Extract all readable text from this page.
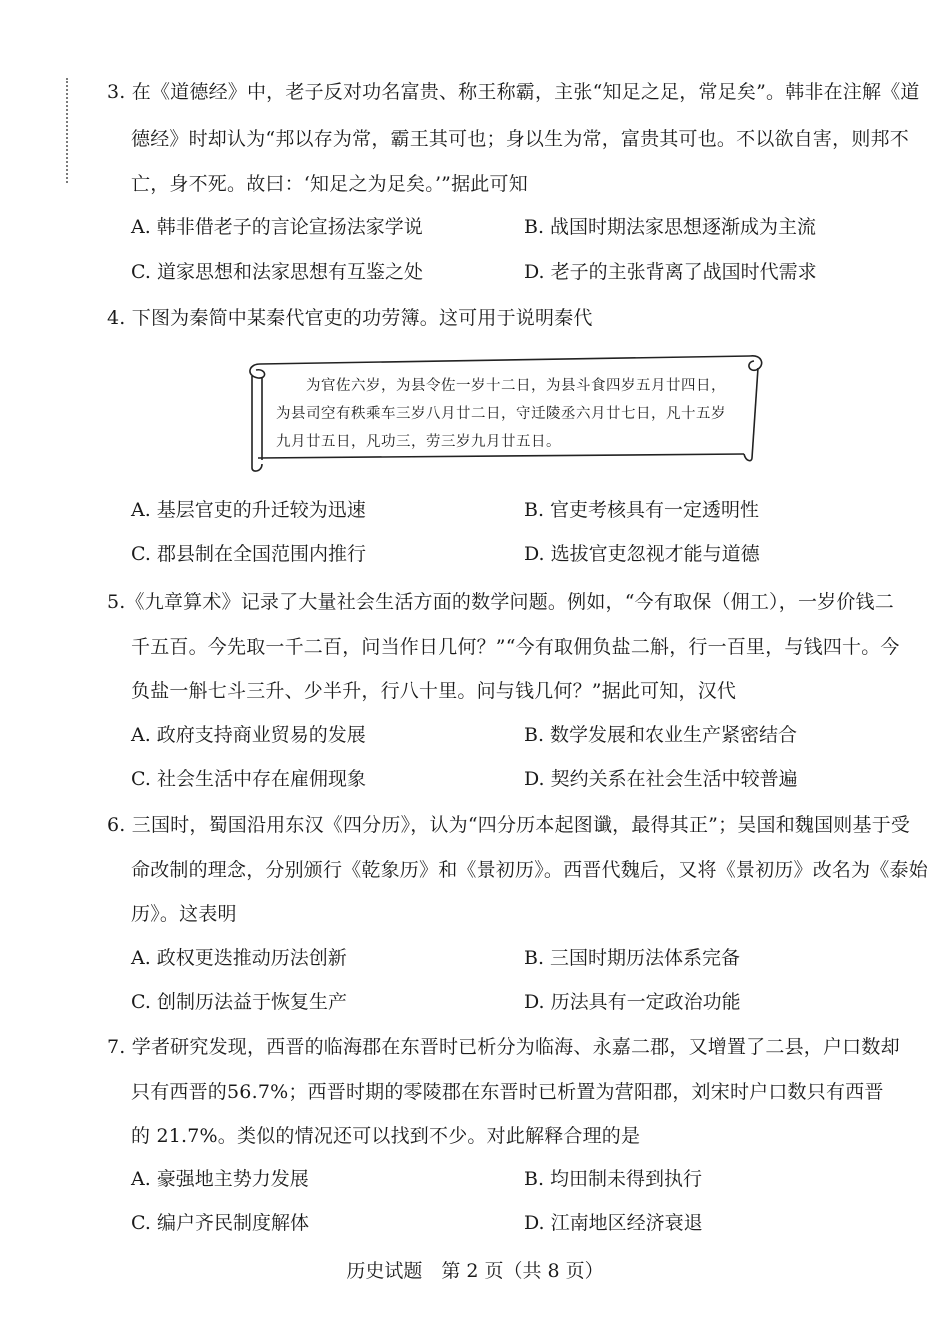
3. 在《道德经》中，老子反对功名富贵、称王称霸，主张“知足之足，常足矣”。韩非在注解《道
德经》时却认为“邦以存为常，霸王其可也；身以生为常，富贵其可也。不以欲自害，则邦不
亡，身不死。故曰：‘知足之为足矣。’”据此可知
A. 韩非借老子的言论宣扬法家学说	B. 战国时期法家思想逐渐成为主流
C. 道家思想和法家思想有互鉴之处	D. 老子的主张背离了战国时代需求
4. 下图为秦简中某秦代官吏的功劳簿。这可用于说明秦代
为官佐六岁，为县令佐一岁十二日，为县斗食四岁五月廿四日，
为县司空有秩乘车三岁八月廿二日，守迁陵丞六月廿七日，凡十五岁
九月廿五日，凡功三，劳三岁九月廿五日。
A. 基层官吏的升迁较为迅速	B. 官吏考核具有一定透明性
C. 郡县制在全国范围内推行	D. 选拔官吏忽视才能与道德
5.《九章算术》记录了大量社会生活方面的数学问题。例如，“今有取保（佣工），一岁价钱二
千五百。今先取一千二百，问当作日几何？”“今有取佣负盐二斛，行一百里，与钱四十。今
负盐一斛七斗三升、少半升，行八十里。问与钱几何？”据此可知，汉代
A. 政府支持商业贸易的发展	B. 数学发展和农业生产紧密结合
C. 社会生活中存在雇佣现象	D. 契约关系在社会生活中较普遍
6. 三国时，蜀国沿用东汉《四分历》，认为“四分历本起图谶，最得其正”；吴国和魏国则基于受
命改制的理念，分别颁行《乾象历》和《景初历》。西晋代魏后，又将《景初历》改名为《泰始
历》。这表明
A. 政权更迭推动历法创新	B. 三国时期历法体系完备
C. 创制历法益于恢复生产	D. 历法具有一定政治功能
7. 学者研究发现，西晋的临海郡在东晋时已析分为临海、永嘉二郡，又增置了二县，户口数却
只有西晋的56.7%；西晋时期的零陵郡在东晋时已析置为营阳郡，刘宋时户口数只有西晋
的 21.7%。类似的情况还可以找到不少。对此解释合理的是
A. 豪强地主势力发展	B. 均田制未得到执行
C. 编户齐民制度解体	D. 江南地区经济衰退
历史试题　第 2 页（共 8 页）
